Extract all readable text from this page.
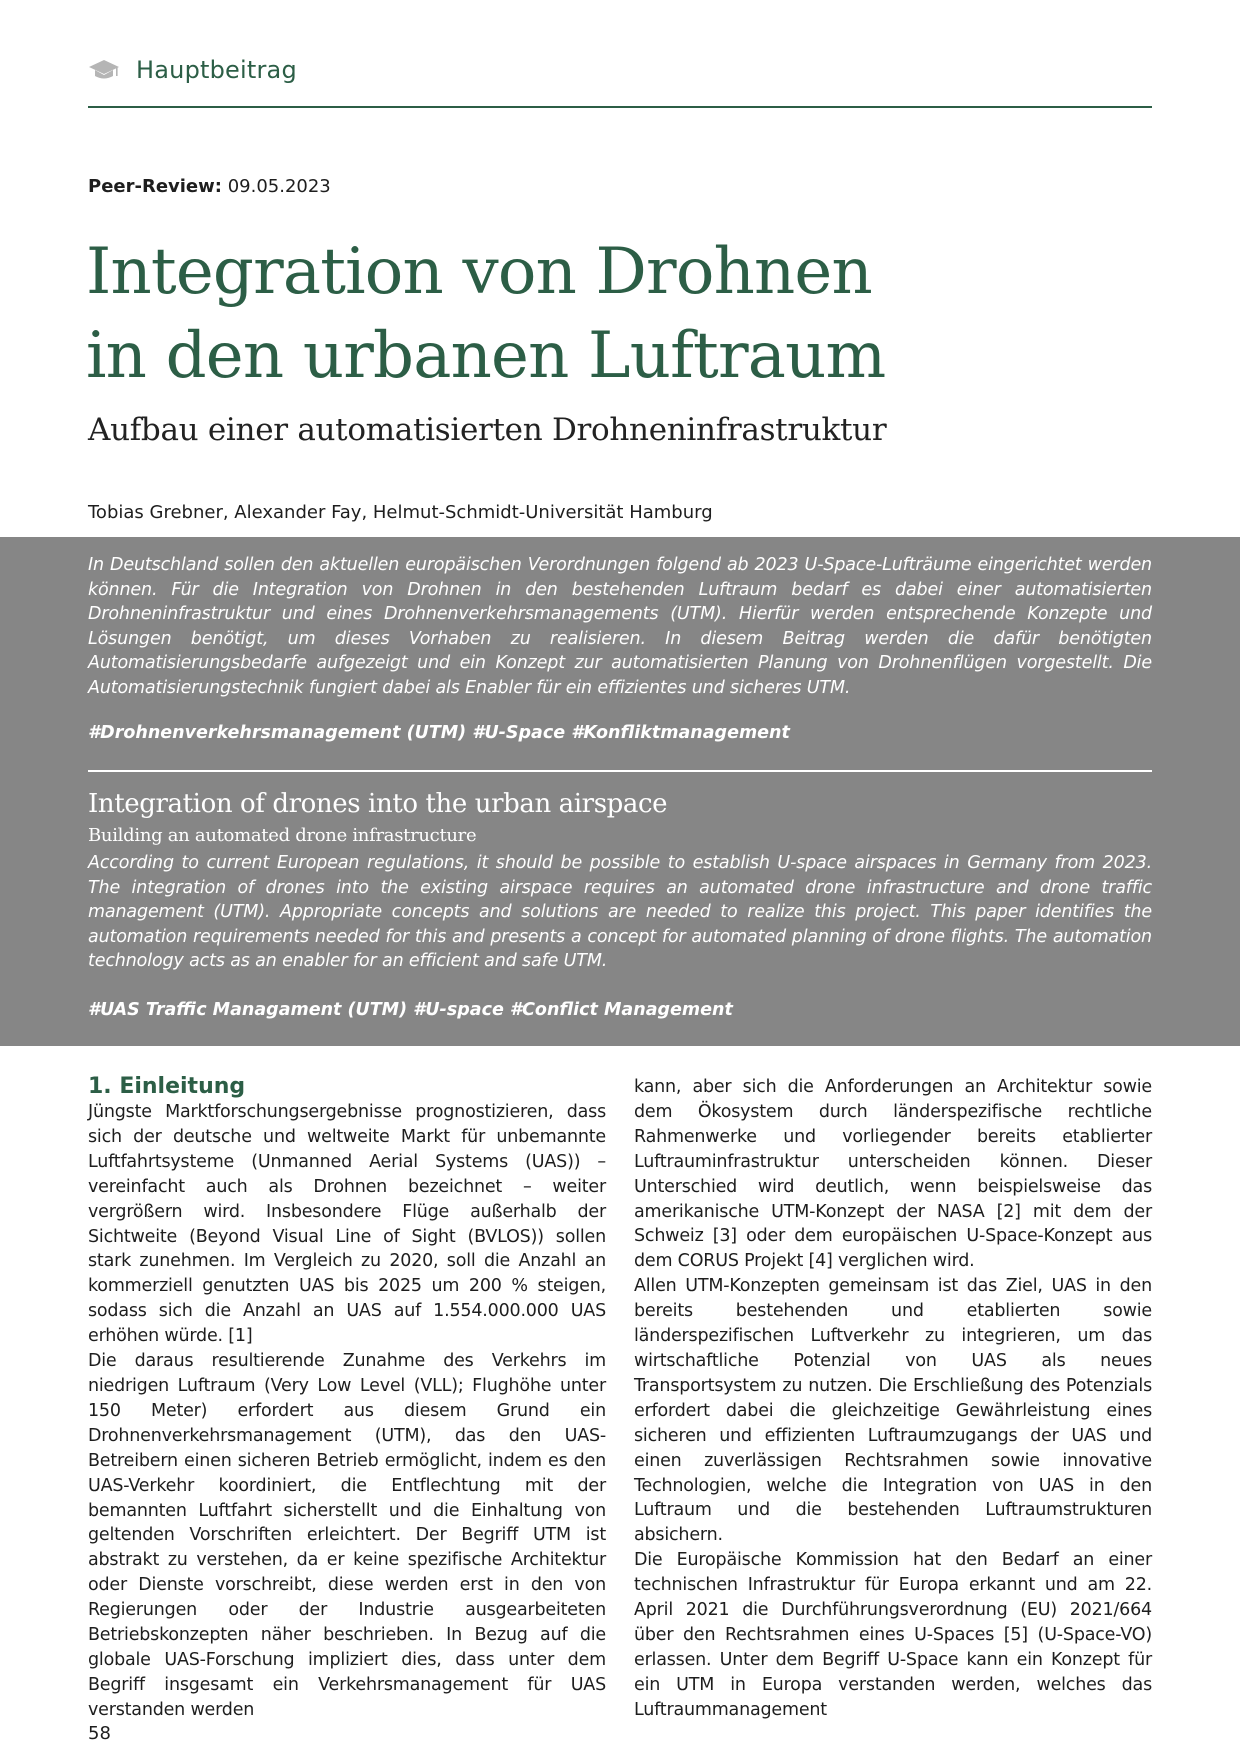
Hauptbeitrag
Peer-Review: 09.05.2023
Integration von Drohnen
in den urbanen Luftraum
Aufbau einer automatisierten Drohneninfrastruktur
Tobias Grebner, Alexander Fay, Helmut-Schmidt-Universität Hamburg
In Deutschland sollen den aktuellen europäischen Verordnungen folgend ab 2023 U-Space-Lufträume eingerichtet werden können. Für die Integration von Drohnen in den bestehenden Luftraum bedarf es dabei einer automatisierten Drohneninfrastruktur und eines Drohnenverkehrsmanagements (UTM). Hierfür werden entsprechende Konzepte und Lösungen benötigt, um dieses Vorhaben zu realisieren. In diesem Beitrag werden die dafür benötigten Automatisierungsbedarfe aufgezeigt und ein Konzept zur automatisierten Planung von Drohnenflügen vorgestellt. Die Automatisierungstechnik fungiert dabei als Enabler für ein effizientes und sicheres UTM.
#Drohnenverkehrsmanagement (UTM) #U-Space #Konfliktmanagement
Integration of drones into the urban airspace
Building an automated drone infrastructure
According to current European regulations, it should be possible to establish U-space airspaces in Germany from 2023. The integration of drones into the existing airspace requires an automated drone infrastructure and drone traffic management (UTM). Appropriate concepts and solutions are needed to realize this project. This paper identifies the automation requirements needed for this and presents a concept for automated planning of drone flights. The automation technology acts as an enabler for an efficient and safe UTM.
#UAS Traffic Managament (UTM) #U-space #Conflict Management
1. Einleitung

Jüngste Marktforschungsergebnisse prognostizieren, dass sich der deutsche und weltweite Markt für unbemannte Luftfahrtsysteme (Unmanned Aerial Systems (UAS)) – vereinfacht auch als Drohnen bezeichnet – weiter vergrößern wird. Insbesondere Flüge außerhalb der Sichtweite (Beyond Visual Line of Sight (BVLOS)) sollen stark zunehmen. Im Vergleich zu 2020, soll die Anzahl an kommerziell genutzten UAS bis 2025 um 200 % steigen, sodass sich die Anzahl an UAS auf 1.554.000.000 UAS erhöhen würde. [1]

Die daraus resultierende Zunahme des Verkehrs im niedrigen Luftraum (Very Low Level (VLL); Flughöhe unter 150 Meter) erfordert aus diesem Grund ein Drohnenverkehrsmanagement (UTM), das den UAS-Betreibern einen sicheren Betrieb ermöglicht, indem es den UAS-Verkehr koordiniert, die Entflechtung mit der bemannten Luftfahrt sicherstellt und die Einhaltung von geltenden Vorschriften erleichtert. Der Begriff UTM ist abstrakt zu verstehen, da er keine spezifische Architektur oder Dienste vorschreibt, diese werden erst in den von Regierungen oder der Industrie ausgearbeiteten Betriebskonzepten näher beschrieben. In Bezug auf die globale UAS-Forschung impliziert dies, dass unter dem Begriff insgesamt ein Verkehrsmanagement für UAS verstanden werden

kann, aber sich die Anforderungen an Architektur sowie dem Ökosystem durch länderspezifische rechtliche Rahmenwerke und vorliegender bereits etablierter Luftrauminfrastruktur unterscheiden können. Dieser Unterschied wird deutlich, wenn beispielsweise das amerikanische UTM-Konzept der NASA [2] mit dem der Schweiz [3] oder dem europäischen U-Space-Konzept aus dem CORUS Projekt [4] verglichen wird.

Allen UTM-Konzepten gemeinsam ist das Ziel, UAS in den bereits bestehenden und etablierten sowie länderspezifischen Luftverkehr zu integrieren, um das wirtschaftliche Potenzial von UAS als neues Transportsystem zu nutzen. Die Erschließung des Potenzials erfordert dabei die gleichzeitige Gewährleistung eines sicheren und effizienten Luftraumzugangs der UAS und einen zuverlässigen Rechtsrahmen sowie innovative Technologien, welche die Integration von UAS in den Luftraum und die bestehenden Luftraumstrukturen absichern.

Die Europäische Kommission hat den Bedarf an einer technischen Infrastruktur für Europa erkannt und am 22. April 2021 die Durchführungsverordnung (EU) 2021/664 über den Rechtsrahmen eines U-Spaces [5] (U-Space-VO) erlassen. Unter dem Begriff U-Space kann ein Konzept für ein UTM in Europa verstanden werden, welches das Luftraummanagement

58
